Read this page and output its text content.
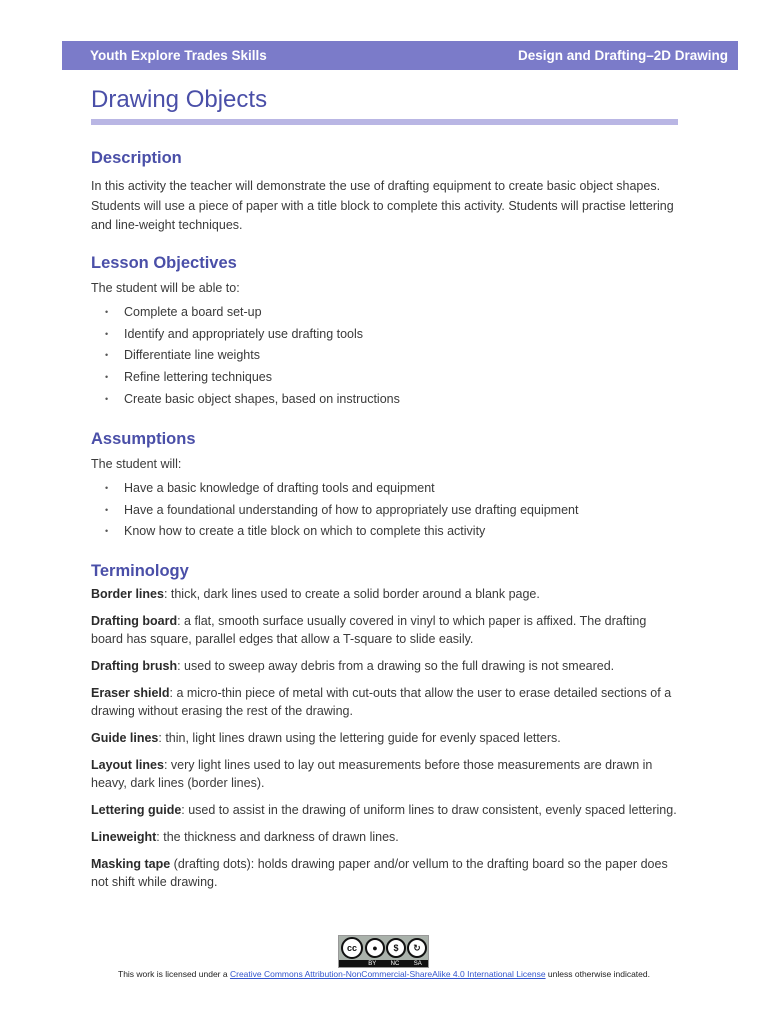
Youth Explore Trades Skills	Design and Drafting–2D Drawing
Drawing Objects
Description

In this activity the teacher will demonstrate the use of drafting equipment to create basic object shapes. Students will use a piece of paper with a title block to complete this activity. Students will practise lettering and line-weight techniques.

Lesson Objectives

The student will be able to:

• Complete a board set-up
• Identify and appropriately use drafting tools
• Differentiate line weights
• Refine lettering techniques
• Create basic object shapes, based on instructions
Assumptions

The student will:

• Have a basic knowledge of drafting tools and equipment
• Have a foundational understanding of how to appropriately use drafting equipment
• Know how to create a title block on which to complete this activity
Terminology

Border lines: thick, dark lines used to create a solid border around a blank page.

Drafting board: a flat, smooth surface usually covered in vinyl to which paper is affixed. The drafting board has square, parallel edges that allow a T-square to slide easily.

Drafting brush: used to sweep away debris from a drawing so the full drawing is not smeared.

Eraser shield: a micro-thin piece of metal with cut-outs that allow the user to erase detailed sections of a drawing without erasing the rest of the drawing.

Guide lines: thin, light lines drawn using the lettering guide for evenly spaced letters.

Layout lines: very light lines used to lay out measurements before those measurements are drawn in heavy, dark lines (border lines).

Lettering guide: used to assist in the drawing of uniform lines to draw consistent, evenly spaced lettering.

Lineweight: the thickness and darkness of drawn lines.

Masking tape (drafting dots): holds drawing paper and/or vellum to the drafting board so the paper does not shift while drawing.

cc	●	$	↻
BY NC SA
This work is licensed under a Creative Commons Attribution-NonCommercial-ShareAlike 4.0 International License unless otherwise indicated.
